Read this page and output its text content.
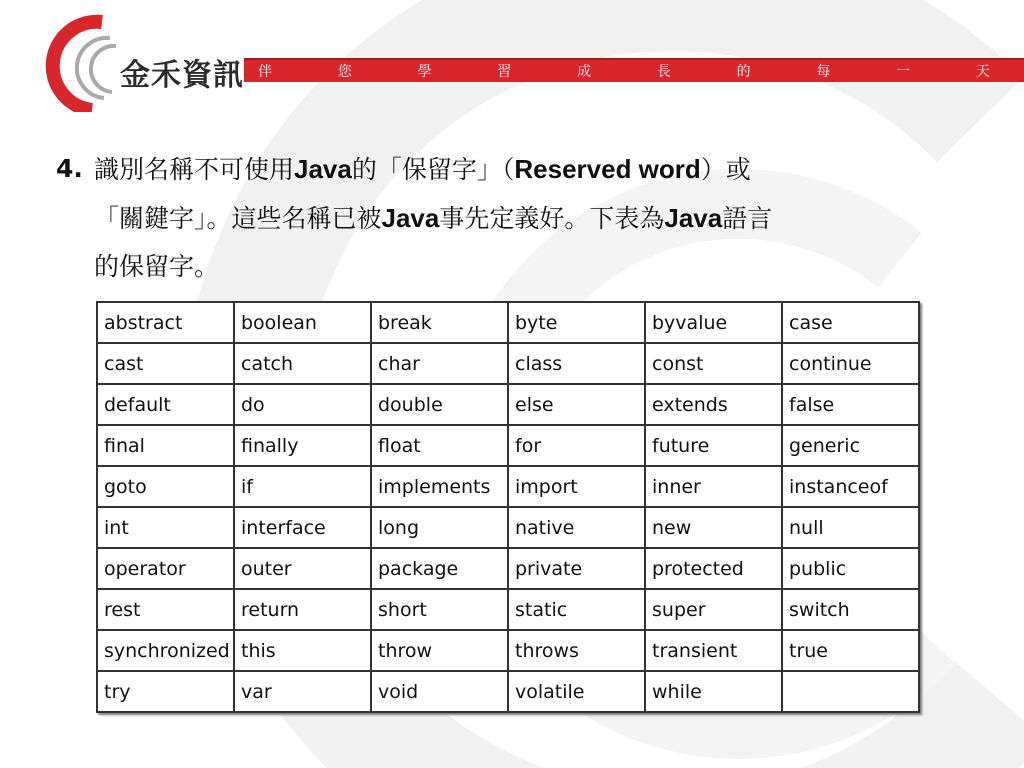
金禾資訊 伴	您	學	習	成	長	的	每	一	天
4. 識別名稱不可使用Java的「保留字」（Reserved word）或
「關鍵字」。這些名稱已被Java事先定義好。下表為Java語言
的保留字。
abstract	boolean	break	byte	byvalue	case
cast	catch	char	class	const	continue
default	do	double	else	extends	false
final	finally	float	for	future	generic
goto	if	implements	import	inner	instanceof
int	interface	long	native	new	null
operator	outer	package	private	protected	public
rest	return	short	static	super	switch
synchronized	this	throw	throws	transient	true
try	var	void	volatile	while	
